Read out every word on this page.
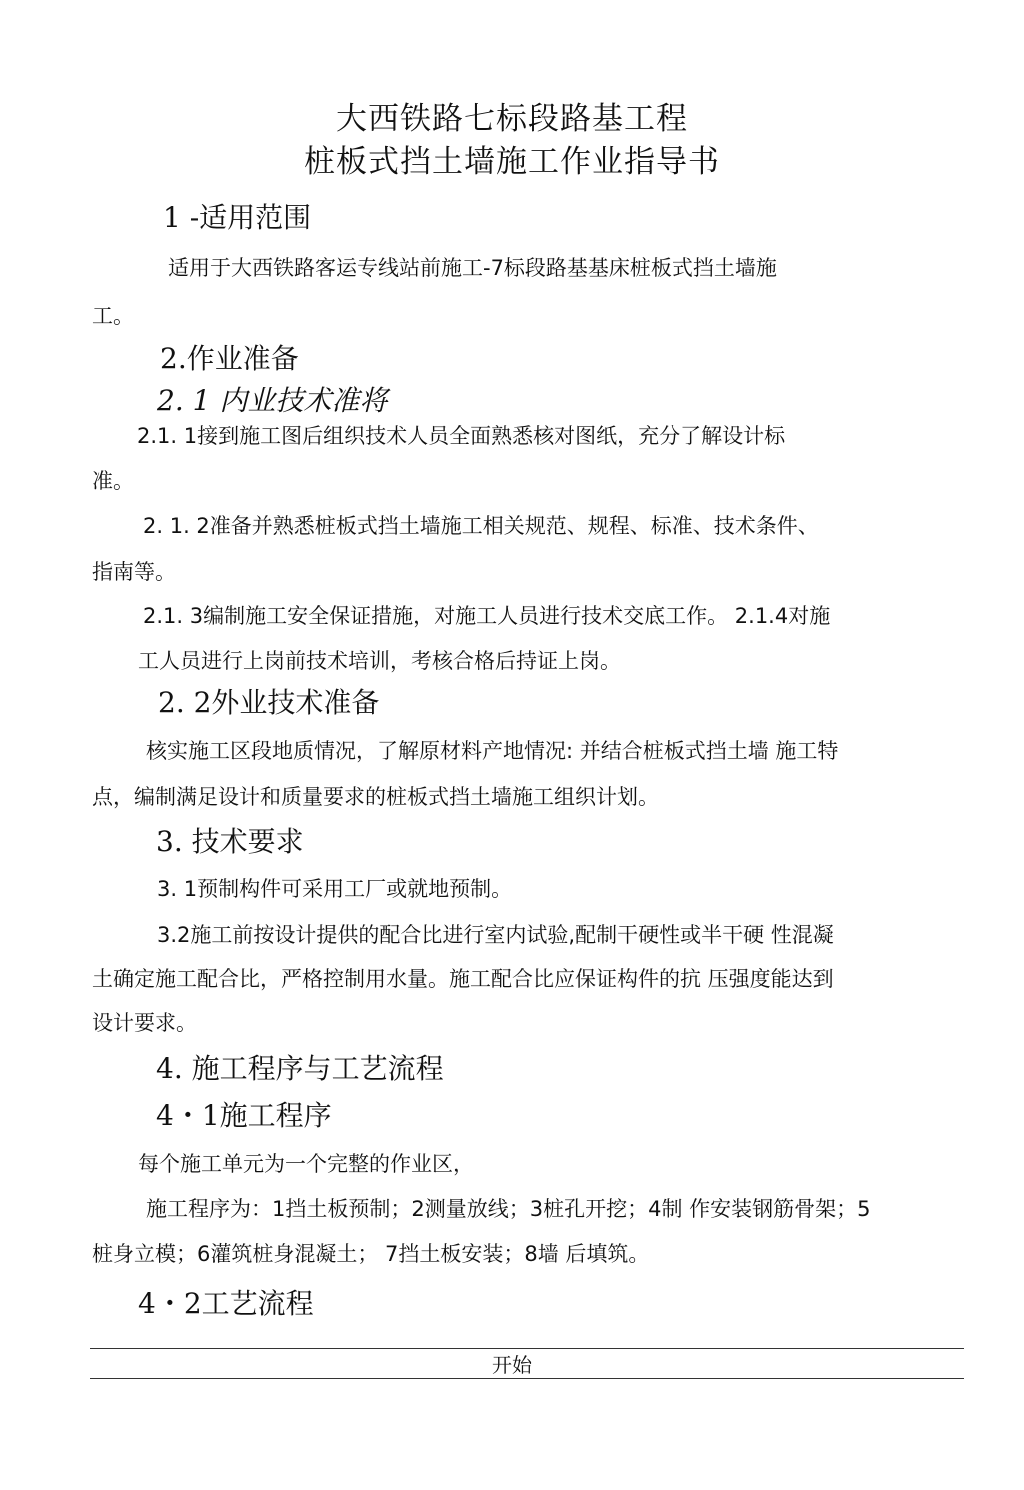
大西铁路七标段路基工程
桩板式挡土墙施工作业指导书
1 -适用范围
适用于大西铁路客运专线站前施工-7标段路基基床桩板式挡土墙施
工。
2.作业准备
2. 1 内业技术准将
2.1. 1接到施工图后组织技术人员全面熟悉核对图纸，充分了解设计标
准。
2. 1. 2准备并熟悉桩板式挡土墙施工相关规范、规程、标准、技术条件、
指南等。
2.1. 3编制施工安全保证措施，对施工人员进行技术交底工作。 2.1.4对施
工人员进行上岗前技术培训，考核合格后持证上岗。
2. 2外业技术准备
核实施工区段地质情况，了解原材料产地情况: 并结合桩板式挡土墙 施工特
点，编制满足设计和质量要求的桩板式挡土墙施工组织计划。
3. 技术要求
3. 1预制构件可采用工厂或就地预制。
3.2施工前按设计提供的配合比进行室内试验,配制干硬性或半干硬 性混凝
土确定施工配合比，严格控制用水量。施工配合比应保证构件的抗 压强度能达到
设计要求。
4. 施工程序与工艺流程
4・1施工程序
每个施工单元为一个完整的作业区，
施工程序为：1挡土板预制；2测量放线；3桩孔开挖；4制 作安装钢筋骨架；5
桩身立模；6灌筑桩身混凝土； 7挡土板安装；8墙 后填筑。
4・2工艺流程
开始
